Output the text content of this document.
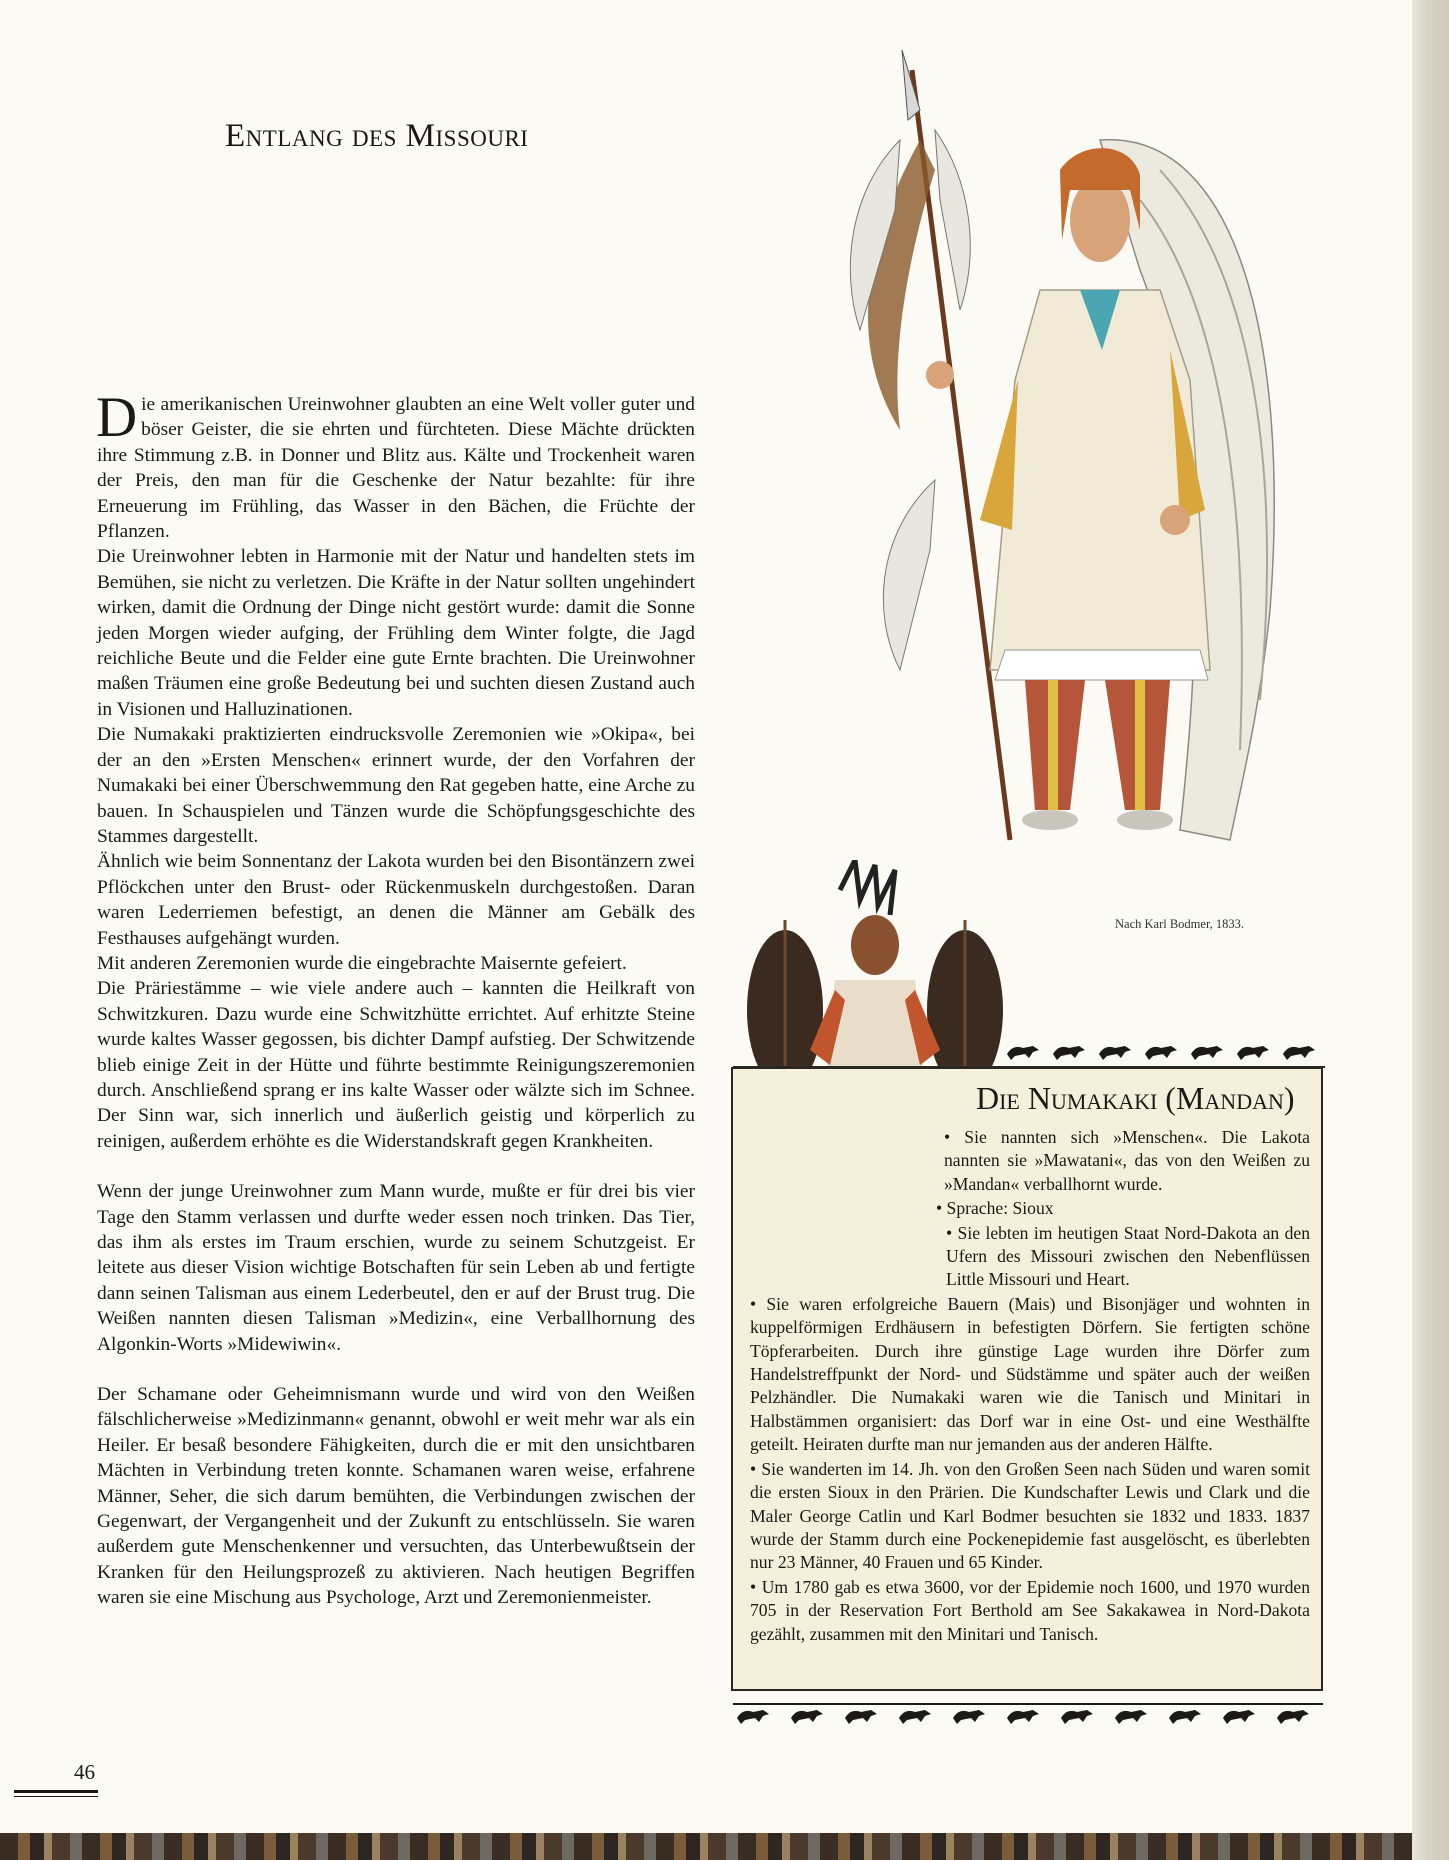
Entlang des Missouri

Die amerikanischen Ureinwohner glaubten an eine Welt voller guter und böser Geister, die sie ehrten und fürchteten. Diese Mächte drückten ihre Stimmung z.B. in Donner und Blitz aus. Kälte und Trockenheit waren der Preis, den man für die Geschenke der Natur bezahlte: für ihre Erneuerung im Frühling, das Wasser in den Bächen, die Früchte der Pflanzen.

Die Ureinwohner lebten in Harmonie mit der Natur und handelten stets im Bemühen, sie nicht zu verletzen. Die Kräfte in der Natur sollten ungehindert wirken, damit die Ordnung der Dinge nicht gestört wurde: damit die Sonne jeden Morgen wieder aufging, der Frühling dem Winter folgte, die Jagd reichliche Beute und die Felder eine gute Ernte brachten. Die Ureinwohner maßen Träumen eine große Bedeutung bei und suchten diesen Zustand auch in Visionen und Halluzinationen.

Die Numakaki praktizierten eindrucksvolle Zeremonien wie »Okipa«, bei der an den »Ersten Menschen« erinnert wurde, der den Vorfahren der Numakaki bei einer Überschwemmung den Rat gegeben hatte, eine Arche zu bauen. In Schauspielen und Tänzen wurde die Schöpfungsgeschichte des Stammes dargestellt.

Ähnlich wie beim Sonnentanz der Lakota wurden bei den Bisontänzern zwei Pflöckchen unter den Brust- oder Rückenmuskeln durchgestoßen. Daran waren Lederriemen befestigt, an denen die Männer am Gebälk des Festhauses aufgehängt wurden.

Mit anderen Zeremonien wurde die eingebrachte Maisernte gefeiert.

Die Präriestämme – wie viele andere auch – kannten die Heilkraft von Schwitzkuren. Dazu wurde eine Schwitzhütte errichtet. Auf erhitzte Steine wurde kaltes Wasser gegossen, bis dichter Dampf aufstieg. Der Schwitzende blieb einige Zeit in der Hütte und führte bestimmte Reinigungszeremonien durch. Anschließend sprang er ins kalte Wasser oder wälzte sich im Schnee. Der Sinn war, sich innerlich und äußerlich geistig und körperlich zu reinigen, außerdem erhöhte es die Widerstandskraft gegen Krankheiten.

Wenn der junge Ureinwohner zum Mann wurde, mußte er für drei bis vier Tage den Stamm verlassen und durfte weder essen noch trinken. Das Tier, das ihm als erstes im Traum erschien, wurde zu seinem Schutzgeist. Er leitete aus dieser Vision wichtige Botschaften für sein Leben ab und fertigte dann seinen Talisman aus einem Lederbeutel, den er auf der Brust trug. Die Weißen nannten diesen Talisman »Medizin«, eine Verballhornung des Algonkin-Worts »Midewiwin«.

Der Schamane oder Geheimnismann wurde und wird von den Weißen fälschlicherweise »Medizinmann« genannt, obwohl er weit mehr war als ein Heiler. Er besaß besondere Fähigkeiten, durch die er mit den unsichtbaren Mächten in Verbindung treten konnte. Schamanen waren weise, erfahrene Männer, Seher, die sich darum bemühten, die Verbindungen zwischen der Gegenwart, der Vergangenheit und der Zukunft zu entschlüsseln. Sie waren außerdem gute Menschenkenner und versuchten, das Unterbewußtsein der Kranken für den Heilungsprozeß zu aktivieren. Nach heutigen Begriffen waren sie eine Mischung aus Psychologe, Arzt und Zeremonienmeister.

Nach Karl Bodmer, 1833.
Die Numakaki (Mandan)

• Sie nannten sich »Menschen«. Die Lakota nannten sie »Mawatani«, das von den Weißen zu »Mandan« verballhornt wurde.

• Sprache: Sioux

• Sie lebten im heutigen Staat Nord-Dakota an den Ufern des Missouri zwischen den Nebenflüssen Little Missouri und Heart.

• Sie waren erfolgreiche Bauern (Mais) und Bisonjäger und wohnten in kuppelförmigen Erdhäusern in befestigten Dörfern. Sie fertigten schöne Töpferarbeiten. Durch ihre günstige Lage wurden ihre Dörfer zum Handelstreffpunkt der Nord- und Südstämme und später auch der weißen Pelzhändler. Die Numakaki waren wie die Tanisch und Minitari in Halbstämmen organisiert: das Dorf war in eine Ost- und eine Westhälfte geteilt. Heiraten durfte man nur jemanden aus der anderen Hälfte.

• Sie wanderten im 14. Jh. von den Großen Seen nach Süden und waren somit die ersten Sioux in den Prärien. Die Kundschafter Lewis und Clark und die Maler George Catlin und Karl Bodmer besuchten sie 1832 und 1833. 1837 wurde der Stamm durch eine Pockenepidemie fast ausgelöscht, es überlebten nur 23 Männer, 40 Frauen und 65 Kinder.

• Um 1780 gab es etwa 3600, vor der Epidemie noch 1600, und 1970 wurden 705 in der Reservation Fort Berthold am See Sakakawea in Nord-Dakota gezählt, zusammen mit den Minitari und Tanisch.

46
